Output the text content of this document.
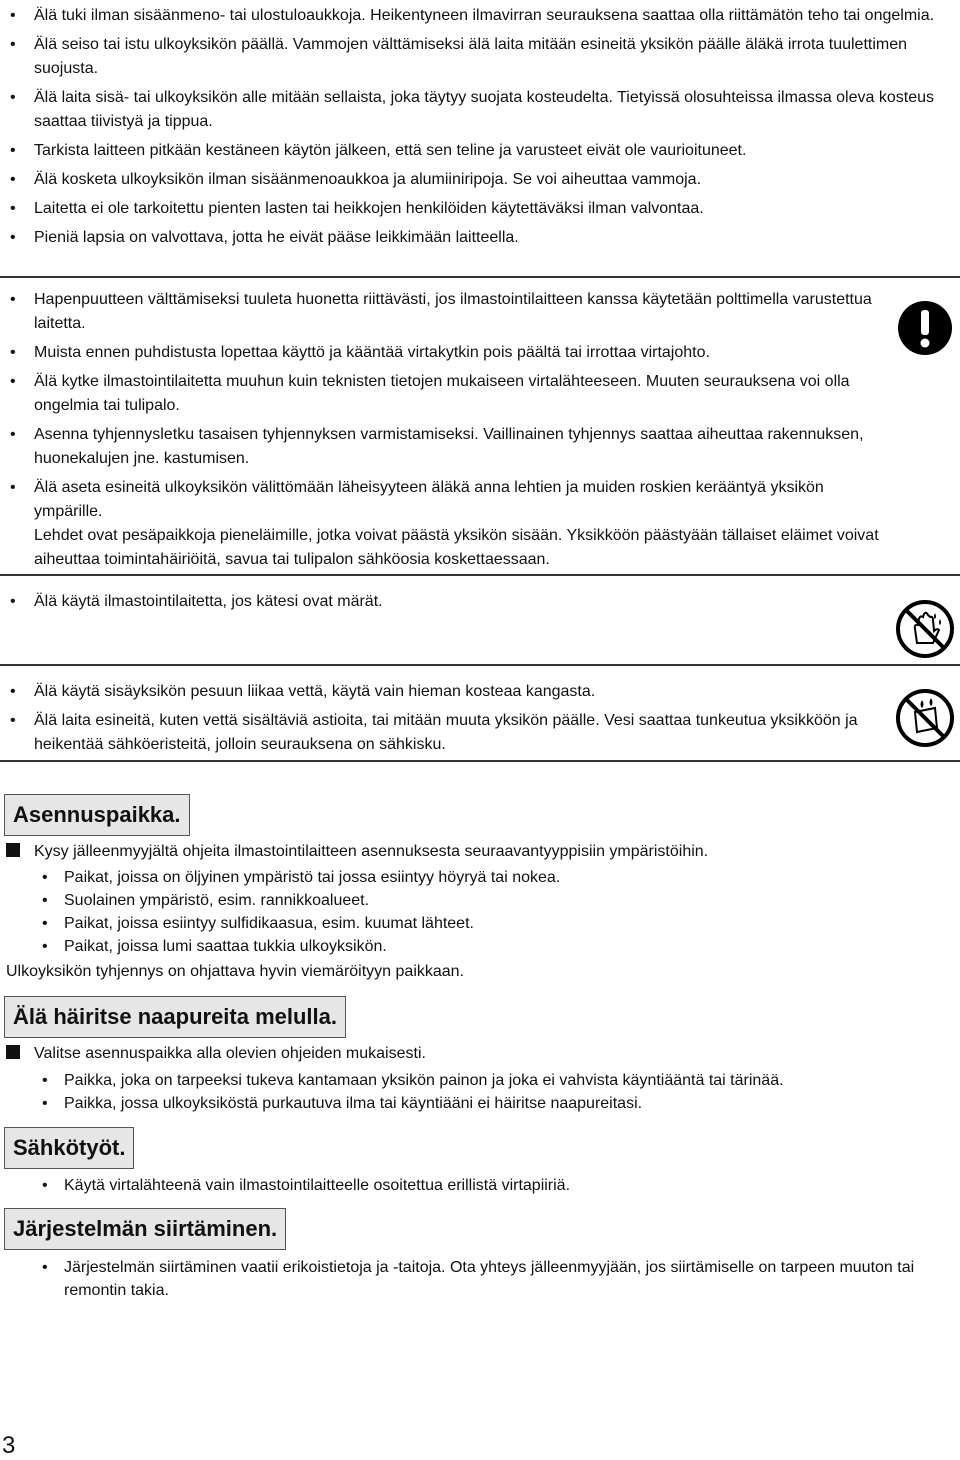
• Älä tuki ilman sisäänmeno- tai ulostuloaukkoja. Heikentyneen ilmavirran seurauksena saattaa olla riittämätön teho tai ongelmia.
• Älä seiso tai istu ulkoyksikön päällä. Vammojen välttämiseksi älä laita mitään esineitä yksikön päälle äläkä irrota tuulettimen suojusta.
• Älä laita sisä- tai ulkoyksikön alle mitään sellaista, joka täytyy suojata kosteudelta. Tietyissä olosuhteissa ilmassa oleva kosteus saattaa tiivistyä ja tippua.
• Tarkista laitteen pitkään kestäneen käytön jälkeen, että sen teline ja varusteet eivät ole vaurioituneet.
• Älä kosketa ulkoyksikön ilman sisäänmenoaukkoa ja alumiiniripoja. Se voi aiheuttaa vammoja.
• Laitetta ei ole tarkoitettu pienten lasten tai heikkojen henkilöiden käytettäväksi ilman valvontaa.
• Pieniä lapsia on valvottava, jotta he eivät pääse leikkimään laitteella.
• Hapenpuutteen välttämiseksi tuuleta huonetta riittävästi, jos ilmastointilaitteen kanssa käytetään polttimella varustettua laitetta.
• Muista ennen puhdistusta lopettaa käyttö ja kääntää virtakytkin pois päältä tai irrottaa virtajohto.
• Älä kytke ilmastointilaitetta muuhun kuin teknisten tietojen mukaiseen virtalähteeseen. Muuten seurauksena voi olla ongelmia tai tulipalo.
• Asenna tyhjennysletku tasaisen tyhjennyksen varmistamiseksi. Vaillinainen tyhjennys saattaa aiheuttaa rakennuksen, huonekalujen jne. kastumisen.
• Älä aseta esineitä ulkoyksikön välittömään läheisyyteen äläkä anna lehtien ja muiden roskien kerääntyä yksikön ympärille.
Lehdet ovat pesäpaikkoja pieneläimille, jotka voivat päästä yksikön sisään. Yksikköön päästyään tällaiset eläimet voivat aiheuttaa toimintahäiriöitä, savua tai tulipalon sähköosia koskettaessaan.
• Älä käytä ilmastointilaitetta, jos kätesi ovat märät.
• Älä käytä sisäyksikön pesuun liikaa vettä, käytä vain hieman kosteaa kangasta.
• Älä laita esineitä, kuten vettä sisältäviä astioita, tai mitään muuta yksikön päälle. Vesi saattaa tunkeutua yksikköön ja heikentää sähköeristeitä, jolloin seurauksena on sähkisku.
Asennuspaikka.
Kysy jälleenmyyjältä ohjeita ilmastointilaitteen asennuksesta seuraavantyyppisiin ympäristöihin.
• Paikat, joissa on öljyinen ympäristö tai jossa esiintyy höyryä tai nokea.
• Suolainen ympäristö, esim. rannikkoalueet.
• Paikat, joissa esiintyy sulfidikaasua, esim. kuumat lähteet.
• Paikat, joissa lumi saattaa tukkia ulkoyksikön.
Ulkoyksikön tyhjennys on ohjattava hyvin viemäröityyn paikkaan.
Älä häiritse naapureita melulla.
Valitse asennuspaikka alla olevien ohjeiden mukaisesti.
• Paikka, joka on tarpeeksi tukeva kantamaan yksikön painon ja joka ei vahvista käyntiääntä tai tärinää.
• Paikka, jossa ulkoyksiköstä purkautuva ilma tai käyntiääni ei häiritse naapureitasi.
Sähkötyöt.
• Käytä virtalähteenä vain ilmastointilaitteelle osoitettua erillistä virtapiiriä.
Järjestelmän siirtäminen.
• Järjestelmän siirtäminen vaatii erikoistietoja ja -taitoja. Ota yhteys jälleenmyyjään, jos siirtämiselle on tarpeen muuton tai remontin takia.
3
